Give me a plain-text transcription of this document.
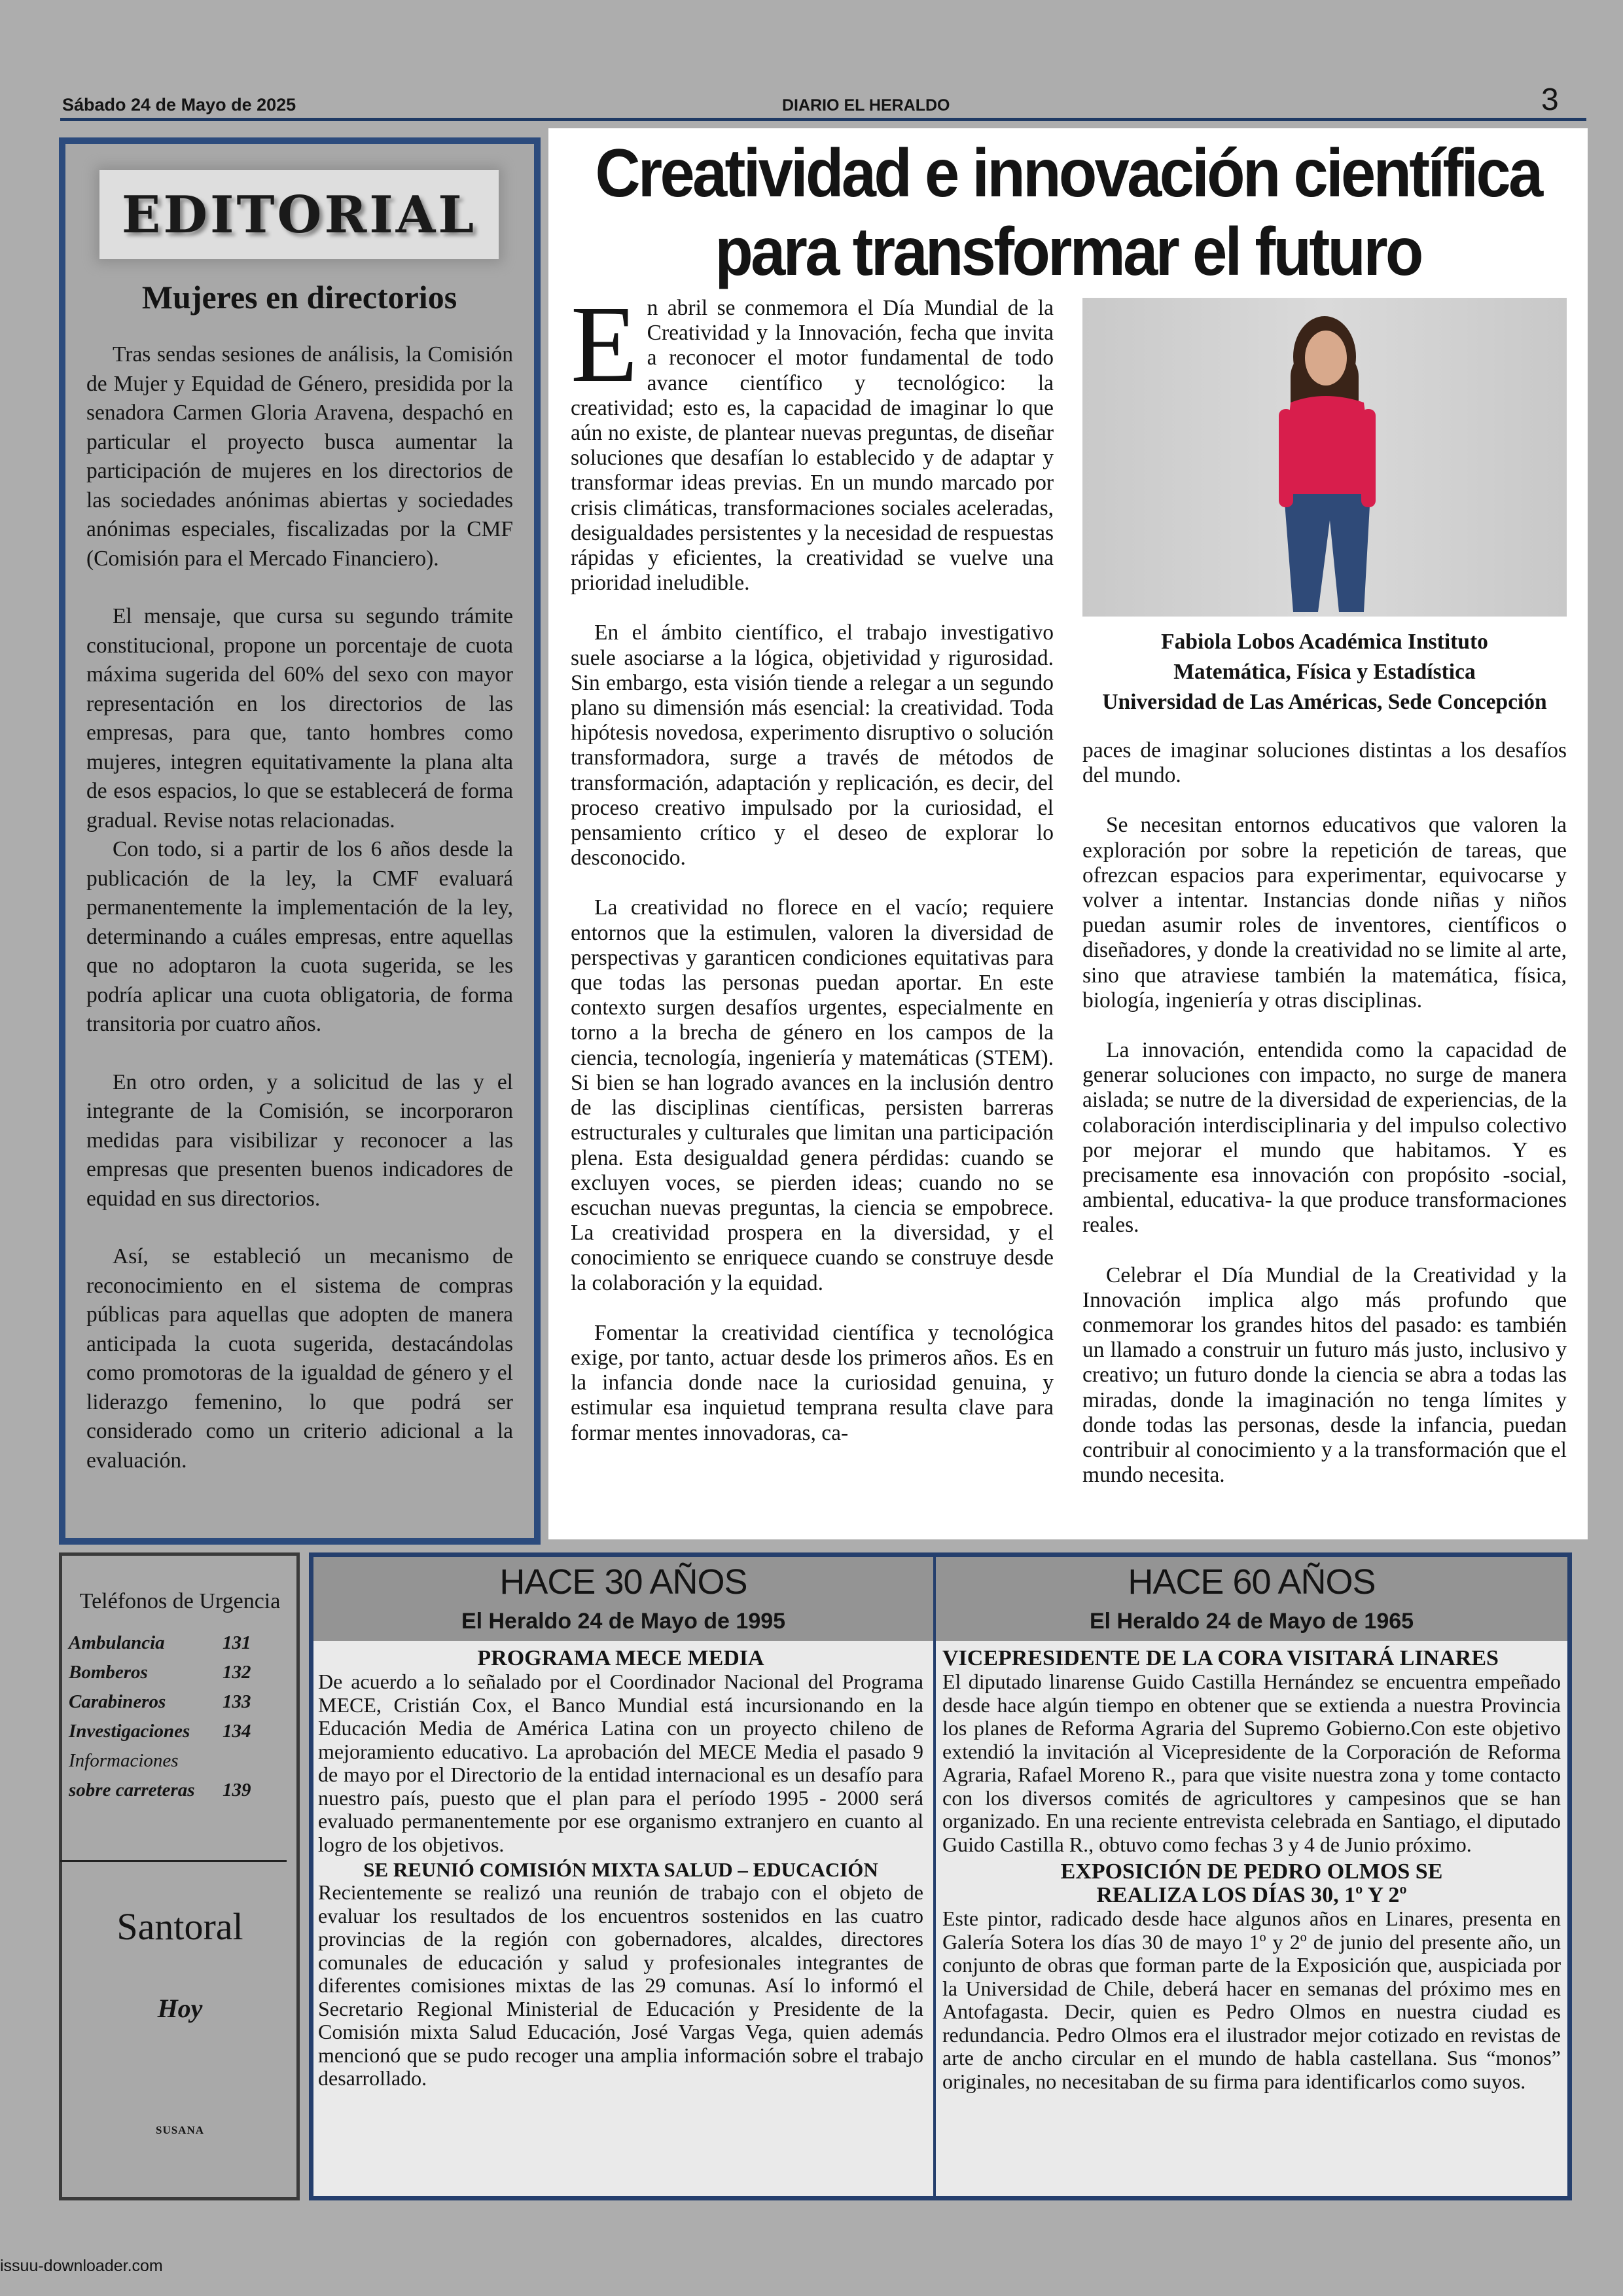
Sábado 24 de Mayo de 2025	DIARIO EL HERALDO	3
EDITORIAL
Mujeres en directorios

Tras sendas sesiones de análisis, la Comisión de Mujer y Equidad de Género, presidida por la senadora Carmen Gloria Aravena, despachó en particular el proyecto busca aumentar la participación de mujeres en los directorios de las sociedades anónimas abiertas y sociedades anónimas especiales, fiscalizadas por la CMF (Comisión para el Mercado Financiero).

El mensaje, que cursa su segundo trámite constitucional, propone un porcentaje de cuota máxima sugerida del 60% del sexo con mayor representación en los directorios de las empresas, para que, tanto hombres como mujeres, integren equitativamente la plana alta de esos espacios, lo que se establecerá de forma gradual. Revise notas relacionadas.

Con todo, si a partir de los 6 años desde la publicación de la ley, la CMF evaluará permanentemente la implementación de la ley, determinando a cuáles empresas, entre aquellas que no adoptaron la cuota sugerida, se les podría aplicar una cuota obligatoria, de forma transitoria por cuatro años.

En otro orden, y a solicitud de las y el integrante de la Comisión, se incorporaron medidas para visibilizar y reconocer a las empresas que presenten buenos indicadores de equidad en sus directorios.

Así, se estableció un mecanismo de reconocimiento en el sistema de compras públicas para aquellas que adopten de manera anticipada la cuota sugerida, destacándolas como promotoras de la igualdad de género y el liderazgo femenino, lo que podrá ser considerado como un criterio adicional a la evaluación.

Creatividad e innovación científica
para transformar el futuro

En abril se conmemora el Día Mundial de la Creatividad y la Innovación, fecha que invita a reconocer el motor fundamental de todo avance científico y tecnológico: la creatividad; esto es, la capacidad de imaginar lo que aún no existe, de plantear nuevas preguntas, de diseñar soluciones que desafían lo establecido y de adaptar y transformar ideas previas. En un mundo marcado por crisis climáticas, transformaciones sociales aceleradas, desigualdades persistentes y la necesidad de respuestas rápidas y eficientes, la creatividad se vuelve una prioridad ineludible.

En el ámbito científico, el trabajo investigativo suele asociarse a la lógica, objetividad y rigurosidad. Sin embargo, esta visión tiende a relegar a un segundo plano su dimensión más esencial: la creatividad. Toda hipótesis novedosa, experimento disruptivo o solución transformadora, surge a través de métodos de transformación, adaptación y replicación, es decir, del proceso creativo impulsado por la curiosidad, el pensamiento crítico y el deseo de explorar lo desconocido.

La creatividad no florece en el vacío; requiere entornos que la estimulen, valoren la diversidad de perspectivas y garanticen condiciones equitativas para que todas las personas puedan aportar. En este contexto surgen desafíos urgentes, especialmente en torno a la brecha de género en los campos de la ciencia, tecnología, ingeniería y matemáticas (STEM). Si bien se han logrado avances en la inclusión dentro de las disciplinas científicas, persisten barreras estructurales y culturales que limitan una participación plena. Esta desigualdad genera pérdidas: cuando se excluyen voces, se pierden ideas; cuando no se escuchan nuevas preguntas, la ciencia se empobrece. La creatividad prospera en la diversidad, y el conocimiento se enriquece cuando se construye desde la colaboración y la equidad.

Fomentar la creatividad científica y tecnológica exige, por tanto, actuar desde los primeros años. Es en la infancia donde nace la curiosidad genuina, y estimular esa inquietud temprana resulta clave para formar mentes innovadoras, ca-

Fabiola Lobos Académica Instituto
Matemática, Física y Estadística
Universidad de Las Américas, Sede Concepción

paces de imaginar soluciones distintas a los desafíos del mundo.

Se necesitan entornos educativos que valoren la exploración por sobre la repetición de tareas, que ofrezcan espacios para experimentar, equivocarse y volver a intentar. Instancias donde niñas y niños puedan asumir roles de inventores, científicos o diseñadores, y donde la creatividad no se limite al arte, sino que atraviese también la matemática, física, biología, ingeniería y otras disciplinas.

La innovación, entendida como la capacidad de generar soluciones con impacto, no surge de manera aislada; se nutre de la diversidad de experiencias, de la colaboración interdisciplinaria y del impulso colectivo por mejorar el mundo que habitamos. Y es precisamente esa innovación con propósito -social, ambiental, educativa- la que produce transformaciones reales.

Celebrar el Día Mundial de la Creatividad y la Innovación implica algo más profundo que conmemorar los grandes hitos del pasado: es también un llamado a construir un futuro más justo, inclusivo y creativo; un futuro donde la ciencia se abra a todas las miradas, donde la imaginación no tenga límites y donde todas las personas, desde la infancia, puedan contribuir al conocimiento y a la transformación que el mundo necesita.

Teléfonos de Urgencia
Ambulancia	131
Bomberos	132
Carabineros	133
Investigaciones	134
Informaciones
sobre carreteras	139
Santoral
Hoy
SUSANA
HACE 30 AÑOS
El Heraldo 24 de Mayo de 1995
HACE 60 AÑOS
El Heraldo 24 de Mayo de 1965

PROGRAMA MECE MEDIA

De acuerdo a lo señalado por el Coordinador Nacional del Programa MECE, Cristián Cox, el Banco Mundial está incursionando en la Educación Media de América Latina con un proyecto chileno de mejoramiento educativo. La aprobación del MECE Media el pasado 9 de mayo por el Directorio de la entidad internacional es un desafío para nuestro país, puesto que el plan para el período 1995 - 2000 será evaluado permanentemente por ese organismo extranjero en cuanto al logro de los objetivos.

SE REUNIÓ COMISIÓN MIXTA SALUD – EDUCACIÓN

Recientemente se realizó una reunión de trabajo con el objeto de evaluar los resultados de los encuentros sostenidos en las cuatro provincias de la región con gobernadores, alcaldes, directores comunales de educación y salud y profesionales integrantes de diferentes comisiones mixtas de las 29 comunas. Así lo informó el Secretario Regional Ministerial de Educación y Presidente de la Comisión mixta Salud Educación, José Vargas Vega, quien además mencionó que se pudo recoger una amplia información sobre el trabajo desarrollado.

VICEPRESIDENTE DE LA CORA VISITARÁ LINARES

El diputado linarense Guido Castilla Hernández se encuentra empeñado desde hace algún tiempo en obtener que se extienda a nuestra Provincia los planes de Reforma Agraria del Supremo Gobierno.Con este objetivo extendió la invitación al Vicepresidente de la Corporación de Reforma Agraria, Rafael Moreno R., para que visite nuestra zona y tome contacto con los diversos comités de agricultores y campesinos que se han organizado. En una reciente entrevista celebrada en Santiago, el diputado Guido Castilla R., obtuvo como fechas 3 y 4 de Junio próximo.

EXPOSICIÓN DE PEDRO OLMOS SE

REALIZA LOS DÍAS 30, 1º Y 2º

Este pintor, radicado desde hace algunos años en Linares, presenta en Galería Sotera los días 30 de mayo 1º y 2º de junio del presente año, un conjunto de obras que forman parte de la Exposición que, auspiciada por la Universidad de Chile, deberá hacer en semanas del próximo mes en Antofagasta. Decir, quien es Pedro Olmos en nuestra ciudad es redundancia. Pedro Olmos era el ilustrador mejor cotizado en revistas de arte de ancho circular en el mundo de habla castellana. Sus “monos” originales, no necesitaban de su firma para identificarlos como suyos.

issuu-downloader.com
